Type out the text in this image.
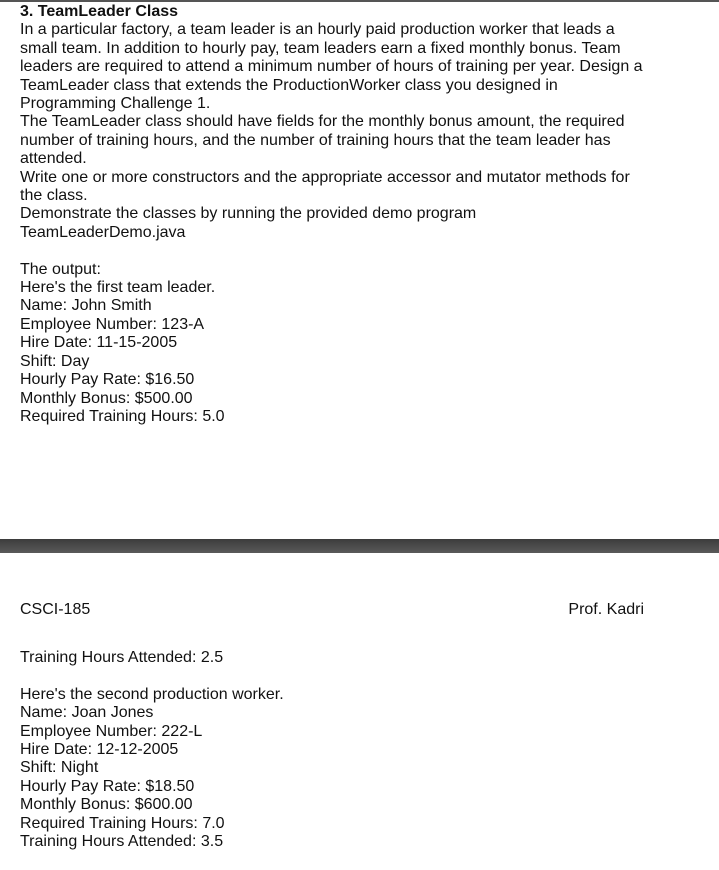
3. TeamLeader Class
In a particular factory, a team leader is an hourly paid production worker that leads a
small team. In addition to hourly pay, team leaders earn a fixed monthly bonus. Team
leaders are required to attend a minimum number of hours of training per year. Design a
TeamLeader class that extends the ProductionWorker class you designed in
Programming Challenge 1.
The TeamLeader class should have fields for the monthly bonus amount, the required
number of training hours, and the number of training hours that the team leader has
attended.
Write one or more constructors and the appropriate accessor and mutator methods for
the class.
Demonstrate the classes by running the provided demo program
TeamLeaderDemo.java
The output:
Here's the first team leader.
Name: John Smith
Employee Number: 123-A
Hire Date: 11-15-2005
Shift: Day
Hourly Pay Rate: $16.50
Monthly Bonus: $500.00
Required Training Hours: 5.0
CSCI-185	Prof. Kadri
Training Hours Attended: 2.5
Here's the second production worker.
Name: Joan Jones
Employee Number: 222-L
Hire Date: 12-12-2005
Shift: Night
Hourly Pay Rate: $18.50
Monthly Bonus: $600.00
Required Training Hours: 7.0
Training Hours Attended: 3.5
